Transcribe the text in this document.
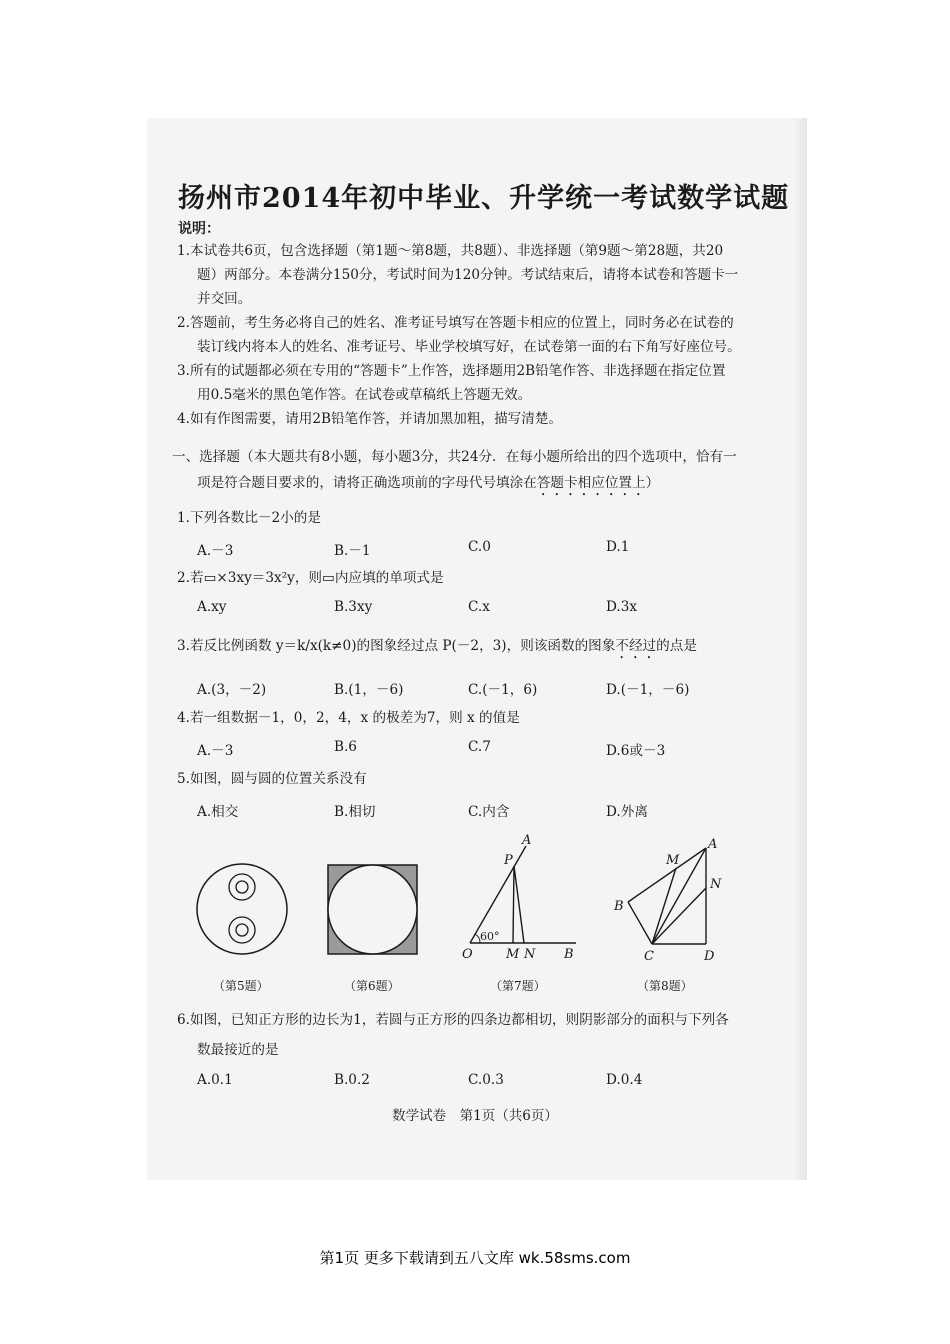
扬州市2014年初中毕业、升学统一考试数学试题
说明：
1.本试卷共6页，包含选择题（第1题～第8题，共8题）、非选择题（第9题～第28题，共20
题）两部分。本卷满分150分，考试时间为120分钟。考试结束后，请将本试卷和答题卡一
并交回。
2.答题前，考生务必将自己的姓名、准考证号填写在答题卡相应的位置上，同时务必在试卷的
装订线内将本人的姓名、准考证号、毕业学校填写好，在试卷第一面的右下角写好座位号。
3.所有的试题都必须在专用的“答题卡”上作答，选择题用2B铅笔作答、非选择题在指定位置
用0.5毫米的黑色笔作答。在试卷或草稿纸上答题无效。
4.如有作图需要，请用2B铅笔作答，并请加黑加粗，描写清楚。
一、选择题（本大题共有8小题，每小题3分，共24分．在每小题所给出的四个选项中，恰有一
项是符合题目要求的，请将正确选项前的字母代号填涂在答题卡相应位置上）
1.下列各数比－2小的是
A.－3	B.－1	C.0	D.1
2.若▭×3xy＝3x²y，则▭内应填的单项式是
A.xy	B.3xy	C.x	D.3x
3.若反比例函数 y＝k/x(k≠0)的图象经过点 P(－2，3)，则该函数的图象不经过的点是
A.(3，－2)	B.(1，－6)	C.(－1，6)	D.(－1，－6)
4.若一组数据－1，0，2，4，x 的极差为7，则 x 的值是
A.－3	B.6	C.7	D.6或－3
5.如图，圆与圆的位置关系没有
A.相交	B.相切	C.内含	D.外离
A
P
60°
O	M N B
A
M
N
B
C	D
（第5题）	（第6题）	（第7题）	（第8题）
6.如图，已知正方形的边长为1，若圆与正方形的四条边都相切，则阴影部分的面积与下列各
数最接近的是
A.0.1	B.0.2	C.0.3	D.0.4
数学试卷　第1页（共6页）
第1页 更多下载请到五八文库 wk.58sms.com
